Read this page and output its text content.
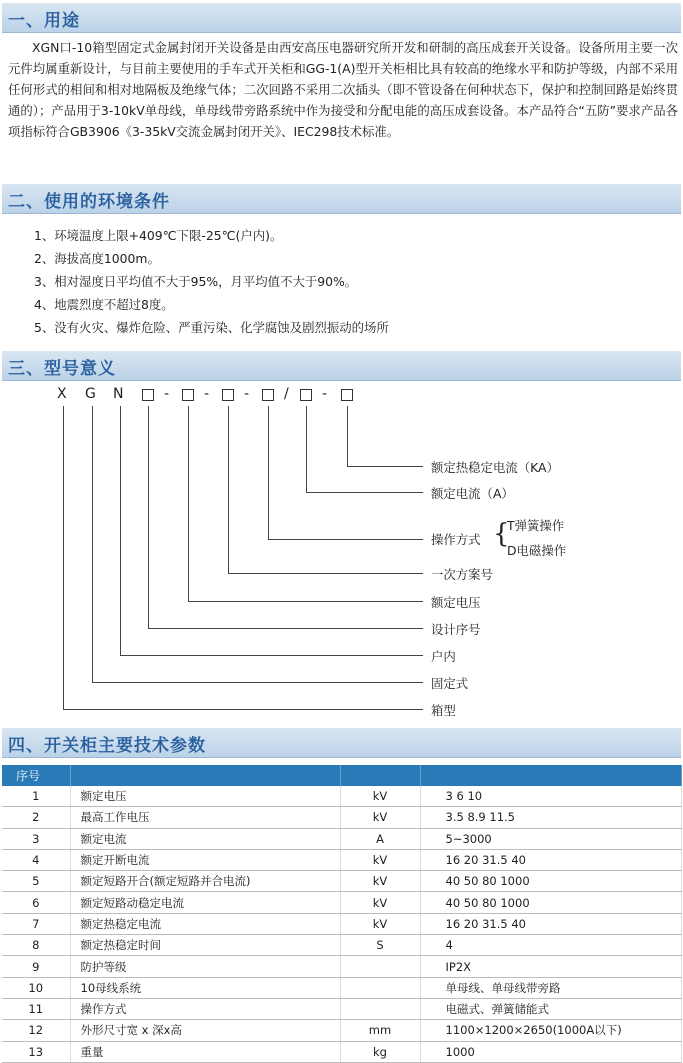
一、用途

XGN口-10箱型固定式金属封闭开关设备是由西安高压电器研究所开发和研制的高压成套开关设备。设备所用主要一次元件均属重新设计，与目前主要使用的手车式开关柜和GG-1(A)型开关柜相比具有较高的绝缘水平和防护等级，内部不采用任何形式的相间和相对地隔板及绝缘气体；二次回路不采用二次插头（即不管设备在何种状态下，保护和控制回路是始终贯通的）；产品用于3-10kV单母线，单母线带旁路系统中作为接受和分配电能的高压成套设备。本产品符合“五防”要求产品各项指标符合GB3906《3-35kV交流金属封闭开关》、IEC298技术标准。

二、使用的环境条件
1、环境温度上限+409℃下限-25℃(户内)。
2、海拔高度1000m。
3、相对湿度日平均值不大于95%，月平均值不大于90%。
4、地震烈度不超过8度。
5、没有火灾、爆炸危险、严重污染、化学腐蚀及剧烈振动的场所
三、型号意义
X G N	- - - / -
额定热稳定电流（KA）
额定电流（A）
操作方式 {
T弹簧操作
D电磁操作
一次方案号
额定电压
设计序号
户内
固定式
箱型
四、开关柜主要技术参数
序号			
1	额定电压	kV	3 6 10
2	最高工作电压	kV	3.5 8.9 11.5
3	额定电流	A	5~3000
4	额定开断电流	kV	16 20 31.5 40
5	额定短路开合(额定短路并合电流)	kV	40 50 80 1000
6	额定短路动稳定电流	kV	40 50 80 1000
7	额定热稳定电流	kV	16 20 31.5 40
8	额定热稳定时间	S	4
9	防护等级		IP2X
10	10母线系统		单母线、单母线带旁路
11	操作方式		电磁式、弹簧储能式
12	外形尺寸宽 x 深x高	mm	1100×1200×2650(1000A以下)
13	重量	kg	1000
